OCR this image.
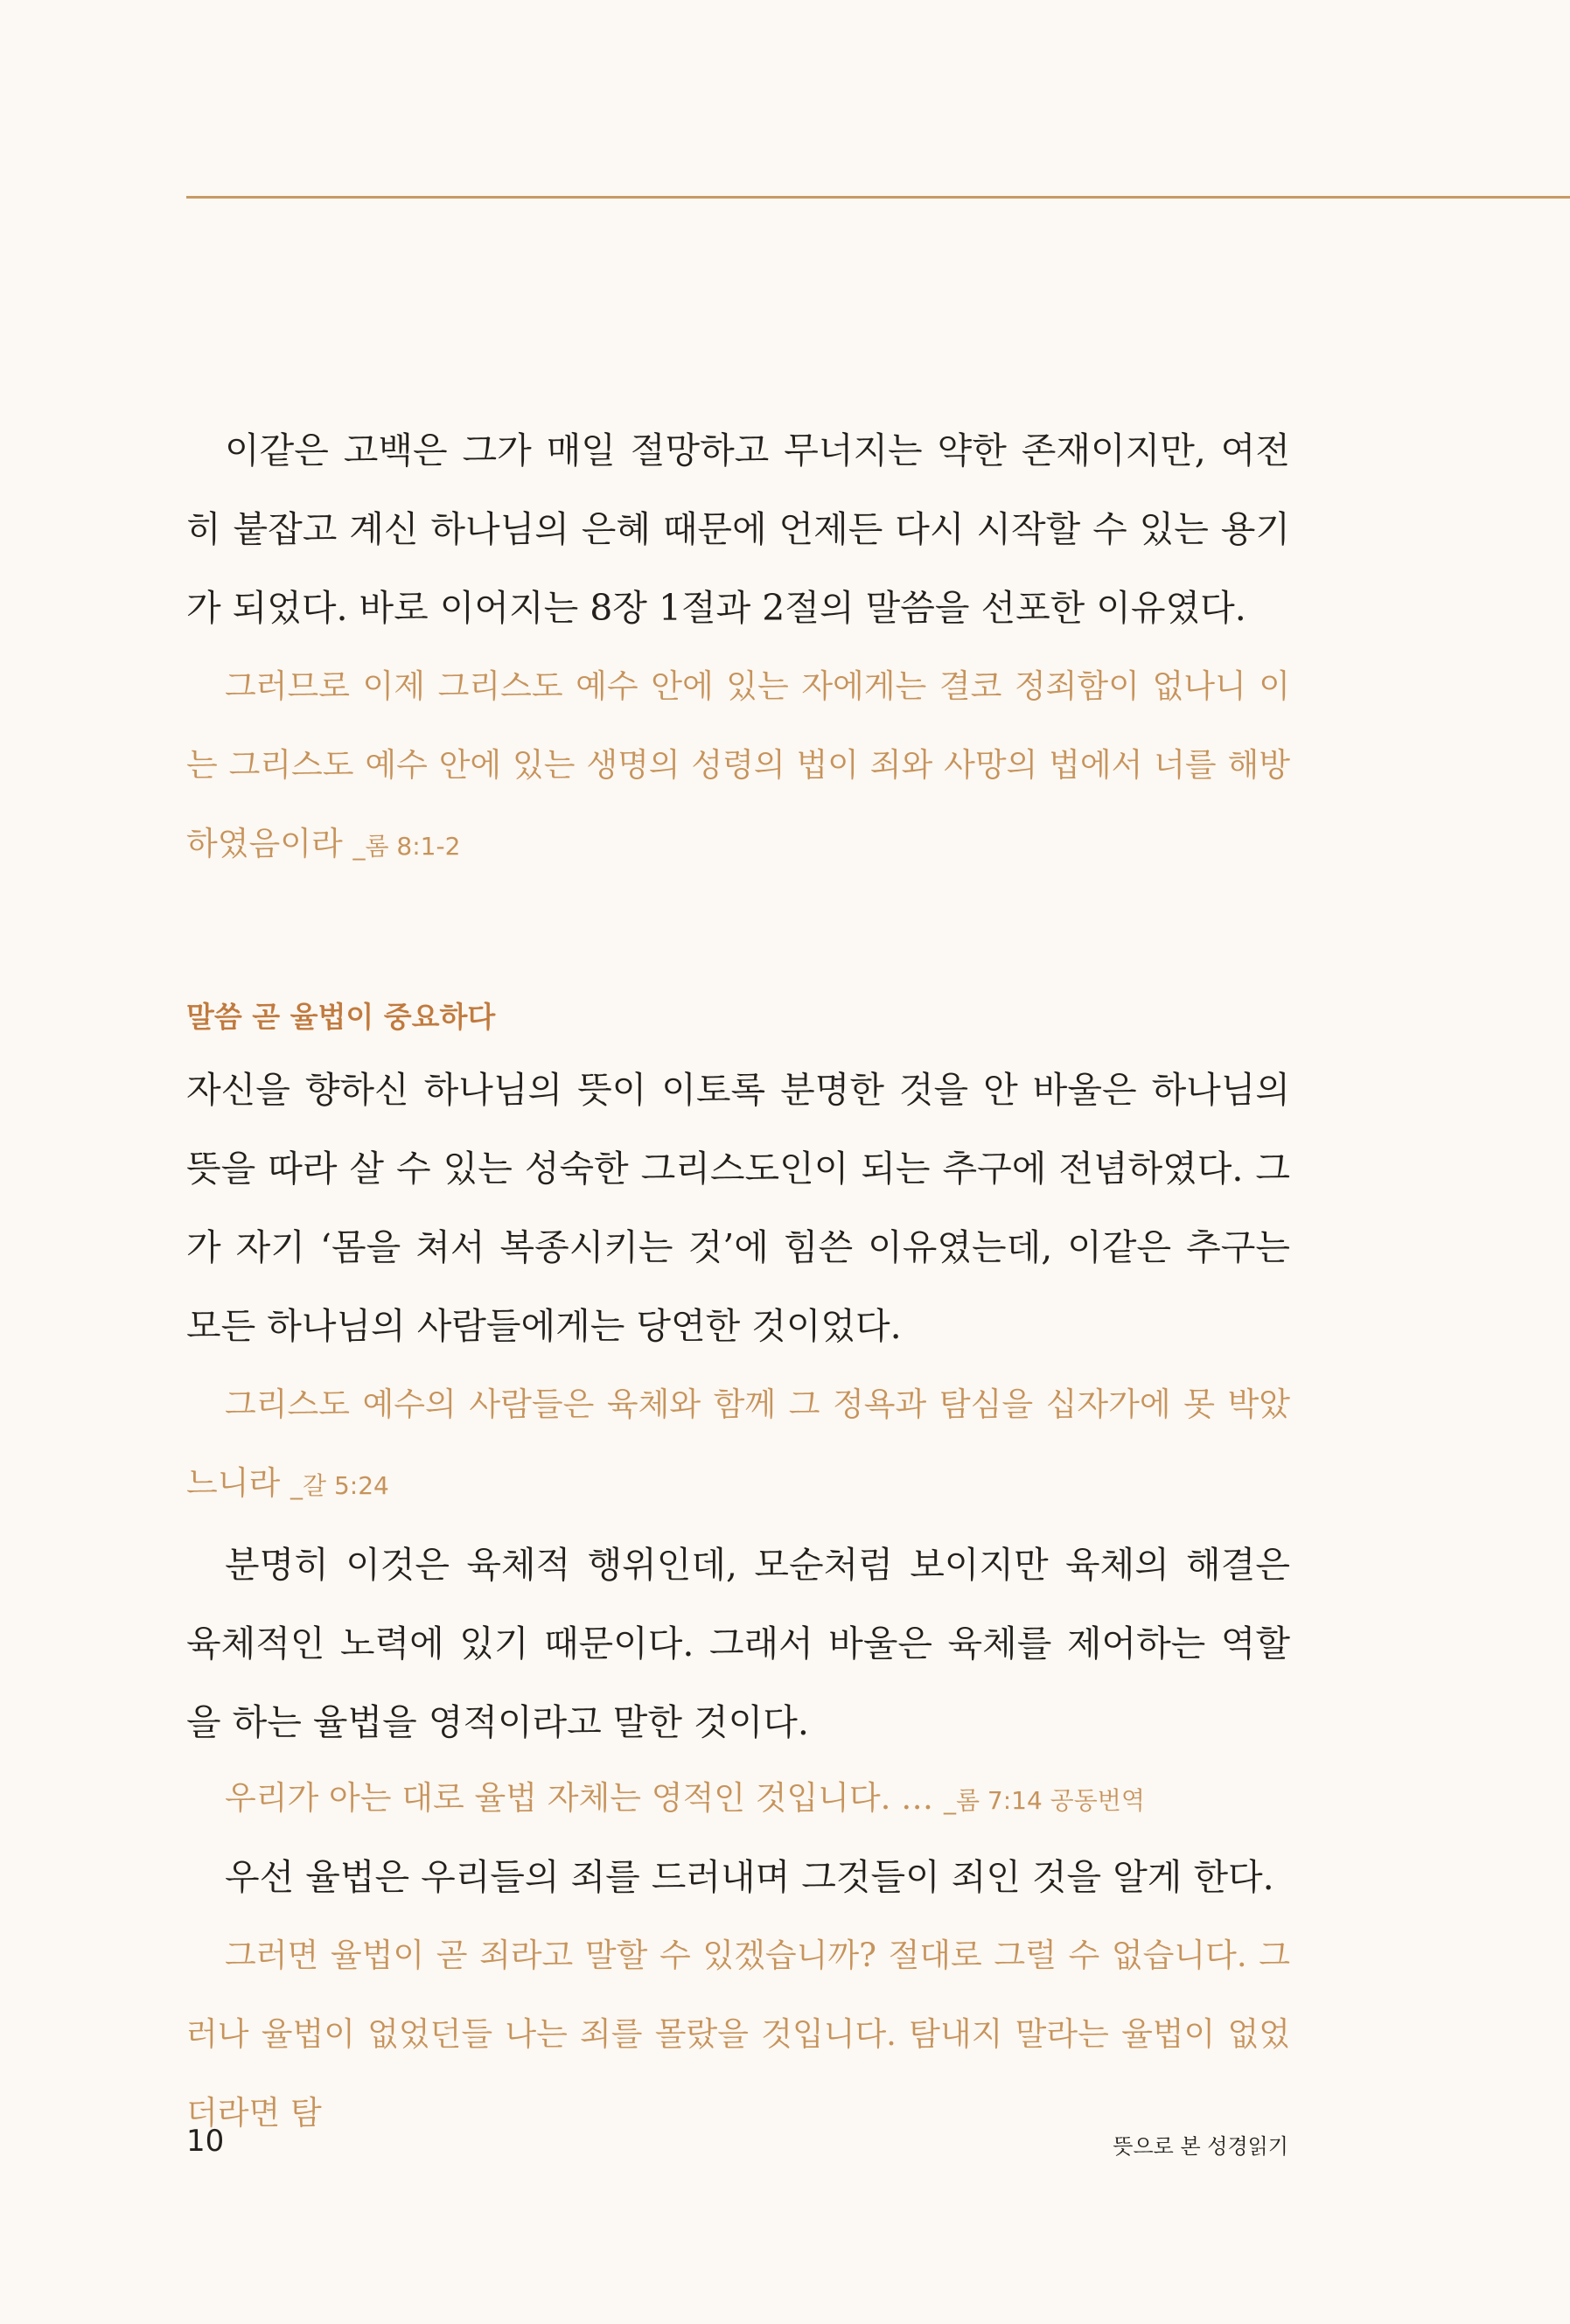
이같은 고백은 그가 매일 절망하고 무너지는 약한 존재이지만, 여전히 붙잡고 계신 하나님의 은혜 때문에 언제든 다시 시작할 수 있는 용기가 되었다. 바로 이어지는 8장 1절과 2절의 말씀을 선포한 이유였다.

그러므로 이제 그리스도 예수 안에 있는 자에게는 결코 정죄함이 없나니 이는 그리스도 예수 안에 있는 생명의 성령의 법이 죄와 사망의 법에서 너를 해방하였음이라 _롬 8:1-2

말씀 곧 율법이 중요하다

자신을 향하신 하나님의 뜻이 이토록 분명한 것을 안 바울은 하나님의 뜻을 따라 살 수 있는 성숙한 그리스도인이 되는 추구에 전념하였다. 그가 자기 ‘몸을 쳐서 복종시키는 것’에 힘쓴 이유였는데, 이같은 추구는 모든 하나님의 사람들에게는 당연한 것이었다.

그리스도 예수의 사람들은 육체와 함께 그 정욕과 탐심을 십자가에 못 박았느니라 _갈 5:24

분명히 이것은 육체적 행위인데, 모순처럼 보이지만 육체의 해결은 육체적인 노력에 있기 때문이다. 그래서 바울은 육체를 제어하는 역할을 하는 율법을 영적이라고 말한 것이다.

우리가 아는 대로 율법 자체는 영적인 것입니다. … _롬 7:14 공동번역

우선 율법은 우리들의 죄를 드러내며 그것들이 죄인 것을 알게 한다.

그러면 율법이 곧 죄라고 말할 수 있겠습니까? 절대로 그럴 수 없습니다. 그러나 율법이 없었던들 나는 죄를 몰랐을 것입니다. 탐내지 말라는 율법이 없었더라면 탐

10	뜻으로 본 성경읽기
